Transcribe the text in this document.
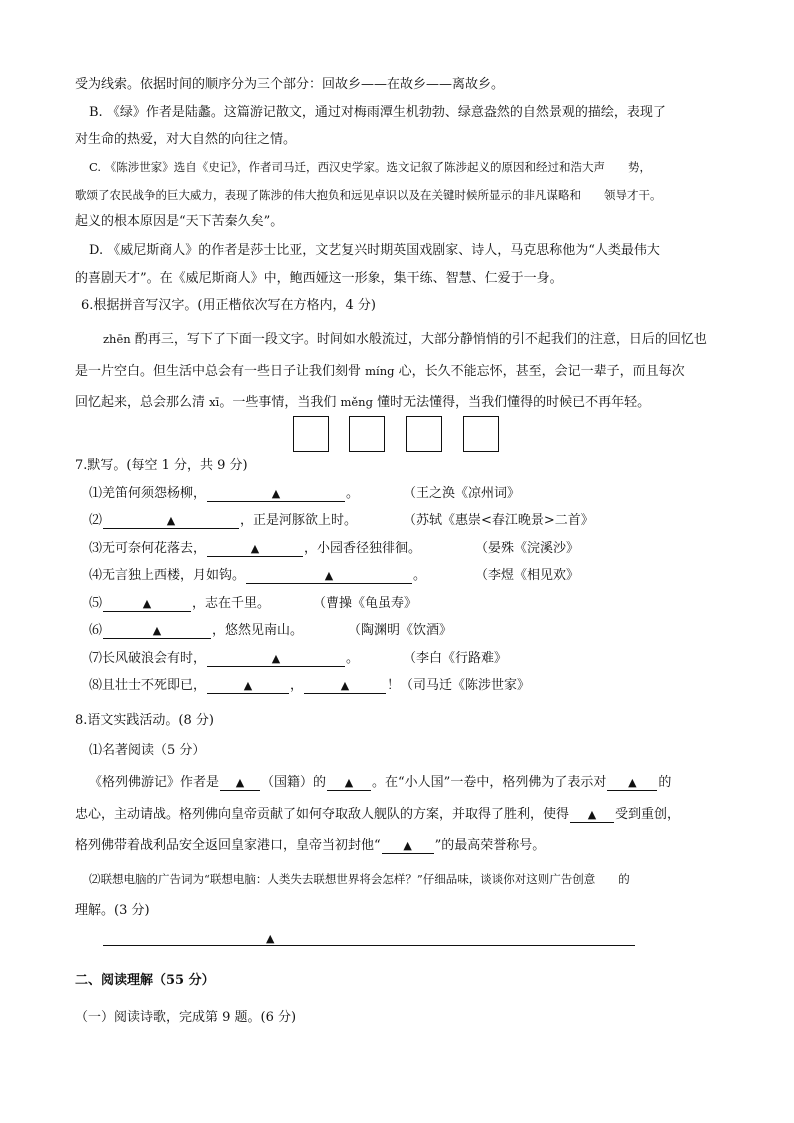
受为线索。依据时间的顺序分为三个部分：回故乡——在故乡——离故乡。
B. 《绿》作者是陆蠡。这篇游记散文，通过对梅雨潭生机勃勃、绿意盎然的自然景观的描绘，表现了
对生命的热爱，对大自然的向往之情。
C. 《陈涉世家》选自《史记》，作者司马迁，西汉史学家。选文记叙了陈涉起义的原因和经过和浩大声　　势，
歌颂了农民战争的巨大威力，表现了陈涉的伟大抱负和远见卓识以及在关键时候所显示的非凡谋略和　　领导才干。
起义的根本原因是“天下苦秦久矣”。
D. 《威尼斯商人》的作者是莎士比亚，文艺复兴时期英国戏剧家、诗人，马克思称他为“人类最伟大
的喜剧天才”。在《威尼斯商人》中，鲍西娅这一形象，集干练、智慧、仁爱于一身。
6.根据拼音写汉字。(用正楷依次写在方格内，4 分)
zhēn 酌再三，写下了下面一段文字。时间如水般流过，大部分静悄悄的引不起我们的注意，日后的回忆也
是一片空白。但生活中总会有一些日子让我们刻骨 míng 心，长久不能忘怀，甚至，会记一辈子，而且每次
回忆起来，总会那么清 xī。一些事情，当我们 měng 懂时无法懂得，当我们懂得的时候已不再年轻。
7.默写。(每空 1 分，共 9 分)
⑴羌笛何须怨杨柳，	▲	。	（王之涣《凉州词》
⑵	▲	，正是河豚欲上时。	（苏轼《惠崇<春江晚景>二首》
⑶无可奈何花落去，	▲	，小园香径独徘徊。	（晏殊《浣溪沙》
⑷无言独上西楼，月如钩。	▲	。	（李煜《相见欢》
⑸	▲	，志在千里。	（曹操《龟虽寿》
⑹	▲	，悠然见南山。	（陶渊明《饮酒》
⑺长风破浪会有时，	▲	。	（李白《行路难》
⑻且壮士不死即已，	▲	，	▲	！（司马迁《陈涉世家》
8.语文实践活动。(8 分)
⑴名著阅读（5 分）
《格列佛游记》作者是 ▲ （国籍）的 ▲ 。在“小人国”一卷中，格列佛为了表示对 ▲ 的
忠心，主动请战。格列佛向皇帝贡献了如何夺取敌人舰队的方案，并取得了胜利，使得 ▲ 受到重创，
格列佛带着战利品安全返回皇家港口，皇帝当初封他“ ▲ ”的最高荣誉称号。
⑵联想电脑的广告词为“联想电脑：人类失去联想世界将会怎样？”仔细品味，谈谈你对这则广告创意　　的
理解。(3 分)
▲
二、阅读理解（55 分）
（一）阅读诗歌，完成第 9 题。(6 分)
